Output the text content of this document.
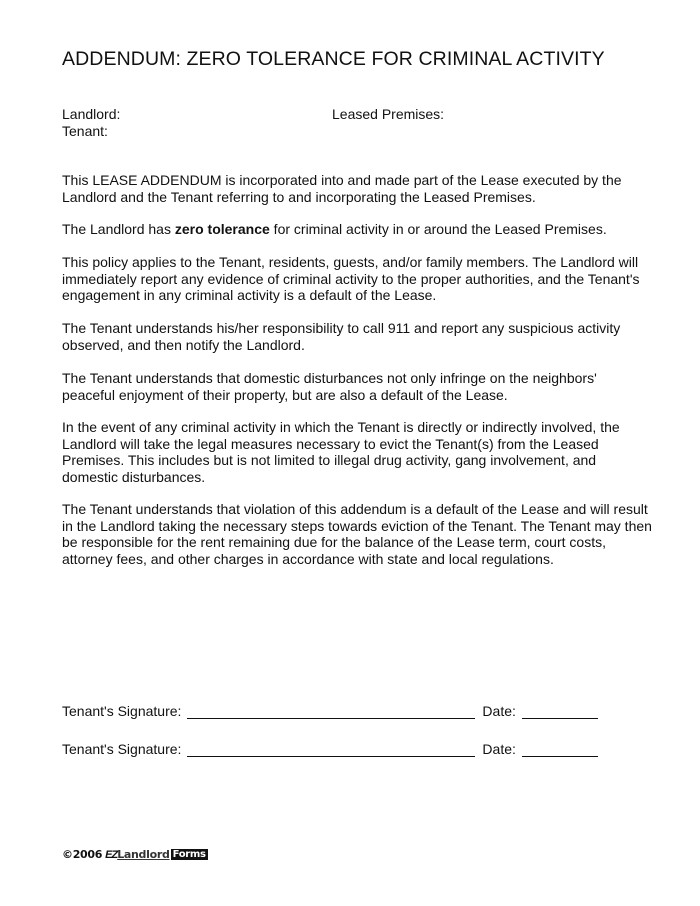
ADDENDUM: ZERO TOLERANCE FOR CRIMINAL ACTIVITY
Landlord:
Tenant:
Leased Premises:
This LEASE ADDENDUM is incorporated into and made part of the Lease executed by the Landlord and the Tenant referring to and incorporating the Leased Premises.
The Landlord has zero tolerance for criminal activity in or around the Leased Premises.
This policy applies to the Tenant, residents, guests, and/or family members. The Landlord will immediately report any evidence of criminal activity to the proper authorities, and the Tenant's engagement in any criminal activity is a default of the Lease.
The Tenant understands his/her responsibility to call 911 and report any suspicious activity observed, and then notify the Landlord.
The Tenant understands that domestic disturbances not only infringe on the neighbors' peaceful enjoyment of their property, but are also a default of the Lease.
In the event of any criminal activity in which the Tenant is directly or indirectly involved, the Landlord will take the legal measures necessary to evict the Tenant(s) from the Leased Premises. This includes but is not limited to illegal drug activity, gang involvement, and domestic disturbances.
The Tenant understands that violation of this addendum is a default of the Lease and will result in the Landlord taking the necessary steps towards eviction of the Tenant. The Tenant may then be responsible for the rent remaining due for the balance of the Lease term, court costs, attorney fees, and other charges in accordance with state and local regulations.
Tenant's Signature:	Date:
Tenant's Signature:	Date:
©2006 EZ Landlord Forms
